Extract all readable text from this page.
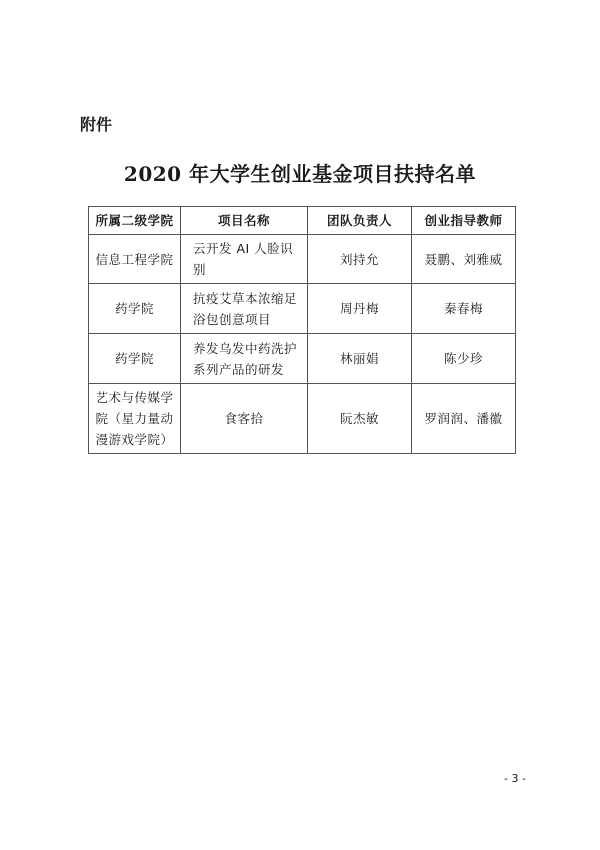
附件
2020 年大学生创业基金项目扶持名单
所属二级学院	项目名称	团队负责人	创业指导教师
信息工程学院	云开发 AI 人脸识别	刘持允	聂鹏、刘雅威
药学院	抗疫艾草本浓缩足浴包创意项目	周丹梅	秦春梅
药学院	养发乌发中药洗护系列产品的研发	林丽娟	陈少珍
艺术与传媒学院（星力量动漫游戏学院）	食客拾	阮杰敏	罗润润、潘徽
- 3 -
